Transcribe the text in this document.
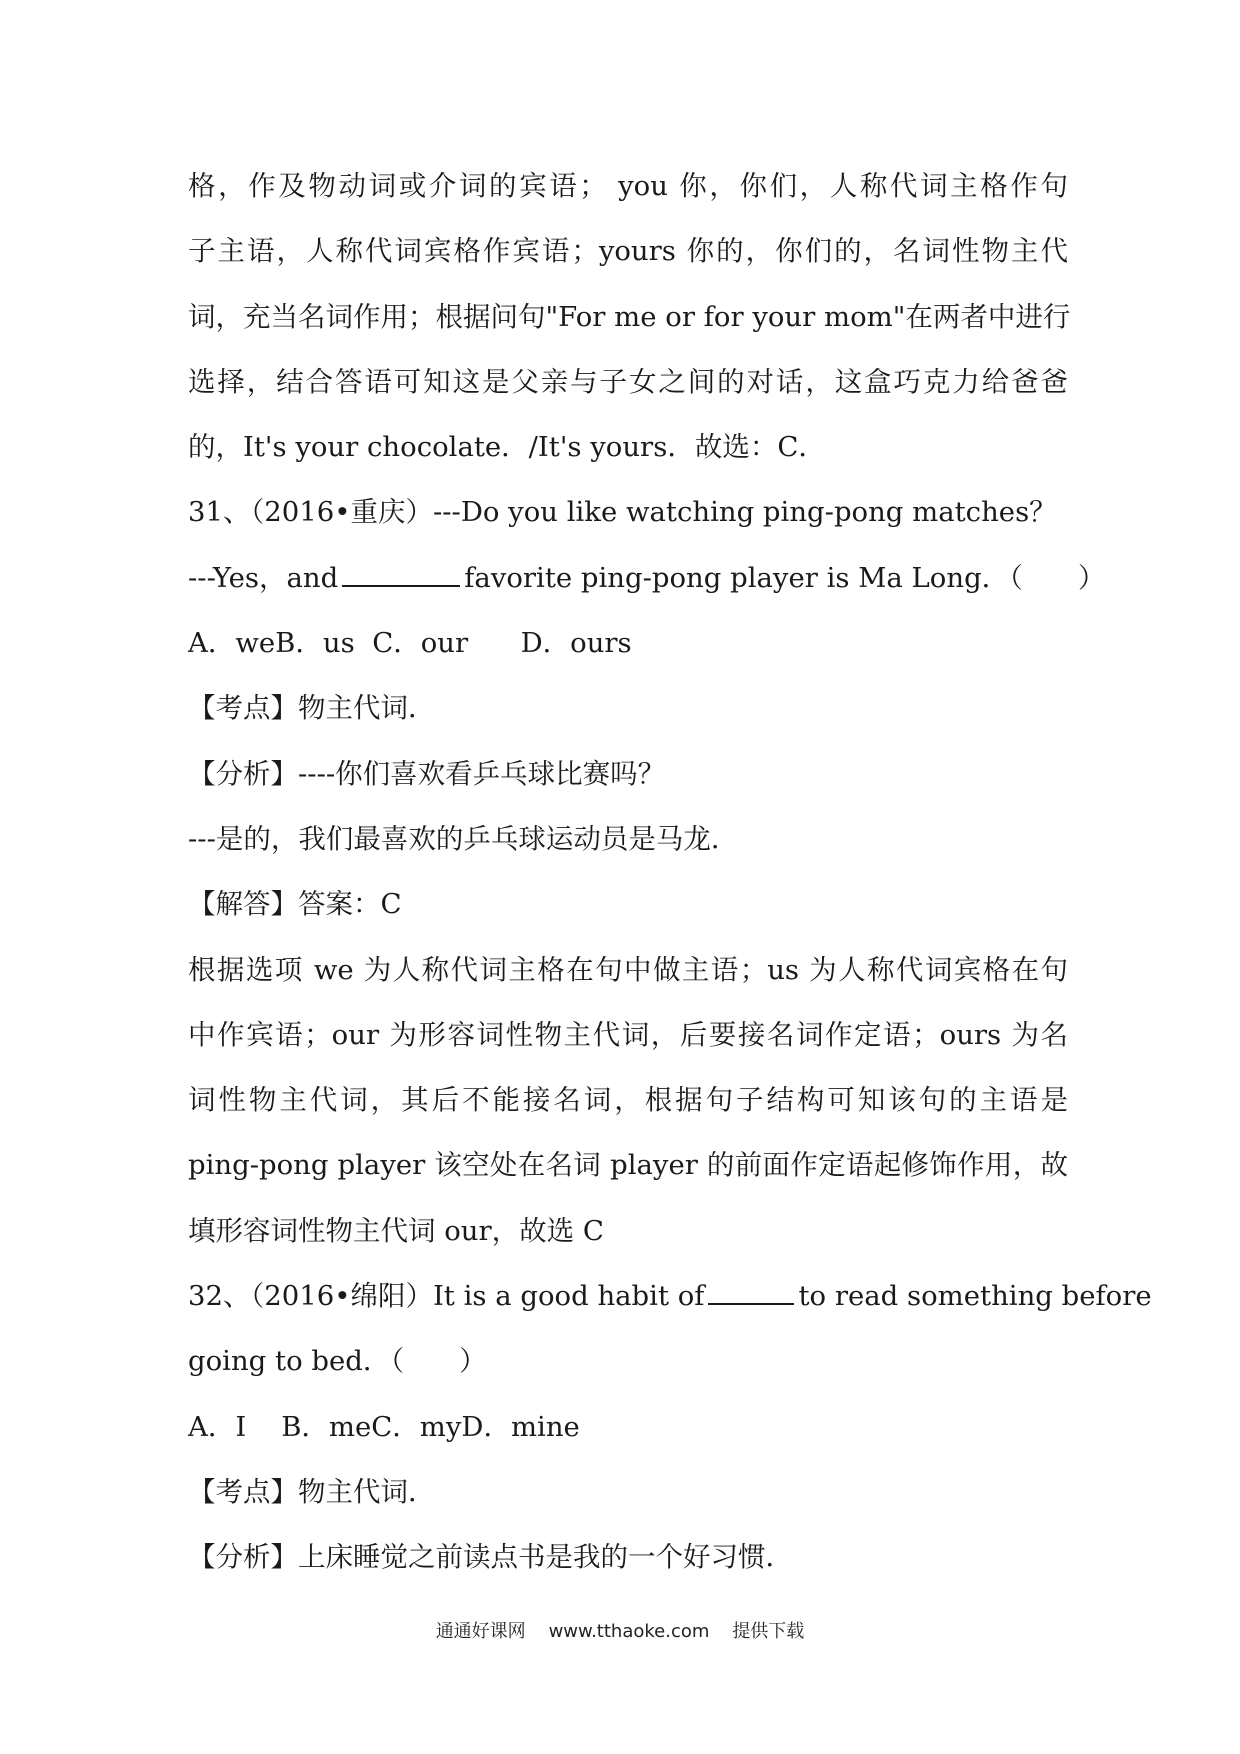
格，作及物动词或介词的宾语； you 你，你们，人称代词主格作句
子主语，人称代词宾格作宾语；yours 你的，你们的，名词性物主代
词，充当名词作用；根据问句"For me or for your mom"在两者中进行
选择，结合答语可知这是父亲与子女之间的对话，这盒巧克力给爸爸
的，It's your chocolate．/It's yours．故选：C．
31、（2016•重庆）---Do you like watching ping-pong matches？
---Yes，and	favorite ping-pong player is Ma Long．（　　）
A．weB．us  C．our      D．ours
【考点】物主代词．
【分析】----你们喜欢看乒乓球比赛吗？
---是的，我们最喜欢的乒乓球运动员是马龙．
【解答】答案：C
根据选项 we 为人称代词主格在句中做主语；us 为人称代词宾格在句
中作宾语；our 为形容词性物主代词，后要接名词作定语；ours 为名
词性物主代词，其后不能接名词，根据句子结构可知该句的主语是
ping-pong player 该空处在名词 player 的前面作定语起修饰作用，故
填形容词性物主代词 our，故选 C
32、（2016•绵阳）It is a good habit of	to read something before
going to bed．（　　）
A．I    B．meC．myD．mine
【考点】物主代词．
【分析】上床睡觉之前读点书是我的一个好习惯．
通通好课网    www.tthaoke.com    提供下载
